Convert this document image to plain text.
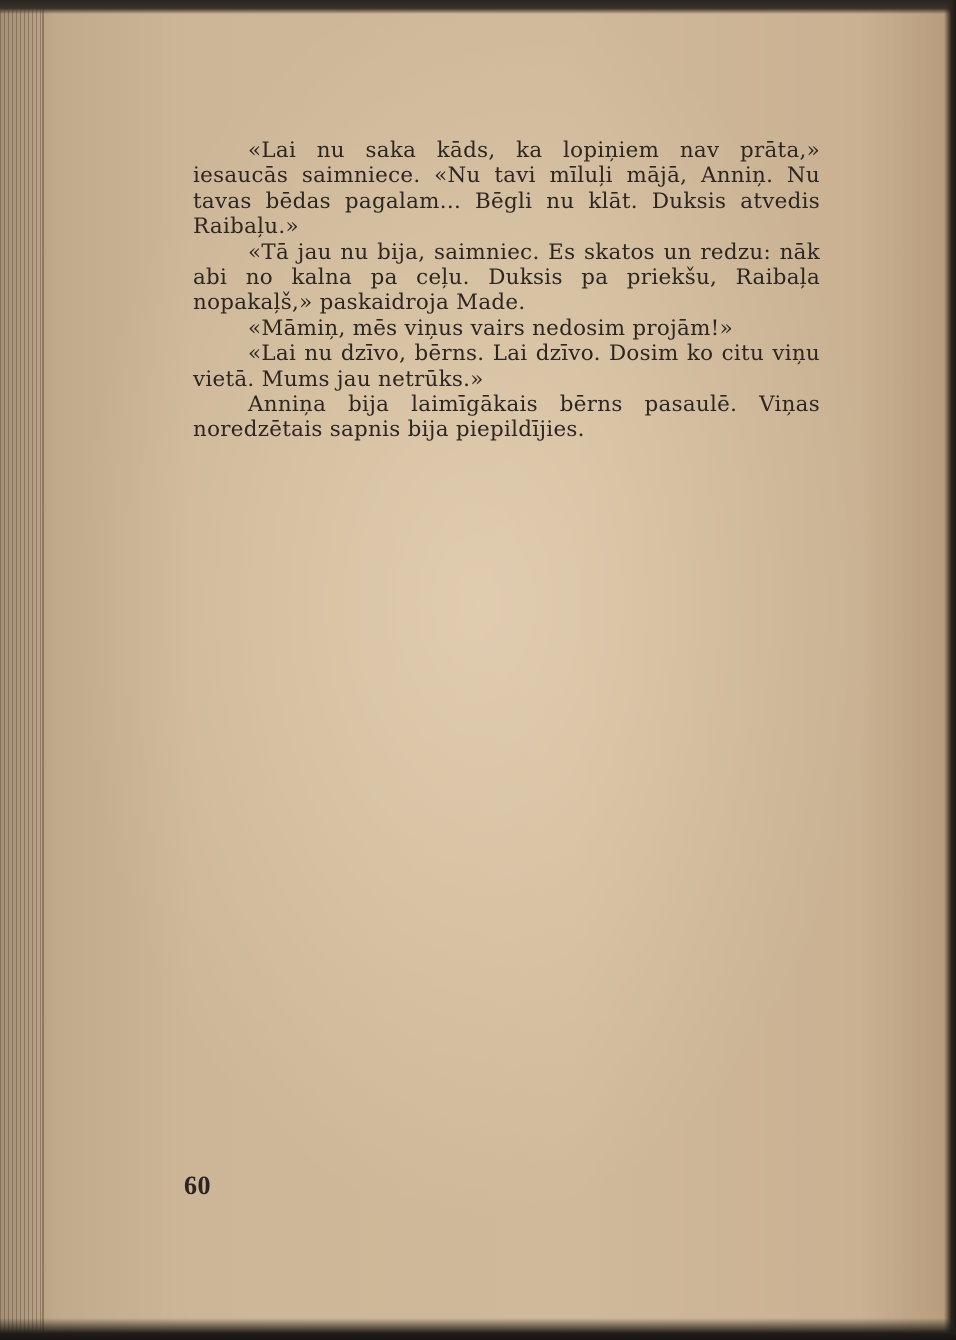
«Lai nu saka kāds, ka lopiņiem nav prāta,» iesaucās saimniece. «Nu tavi mīluļi mājā, Anniņ. Nu tavas bēdas pagalam... Bēgli nu klāt. Duksis atvedis Raibaļu.»

«Tā jau nu bija, saimniec. Es skatos un redzu: nāk abi no kalna pa ceļu. Duksis pa priekšu, Raibaļa nopakaļš,» paskaidroja Made.

«Māmiņ, mēs viņus vairs nedosim projām!»

«Lai nu dzīvo, bērns. Lai dzīvo. Dosim ko citu viņu vietā. Mums jau netrūks.»

Anniņa bija laimīgākais bērns pasaulē. Viņas noredzētais sapnis bija piepildījies.

60
